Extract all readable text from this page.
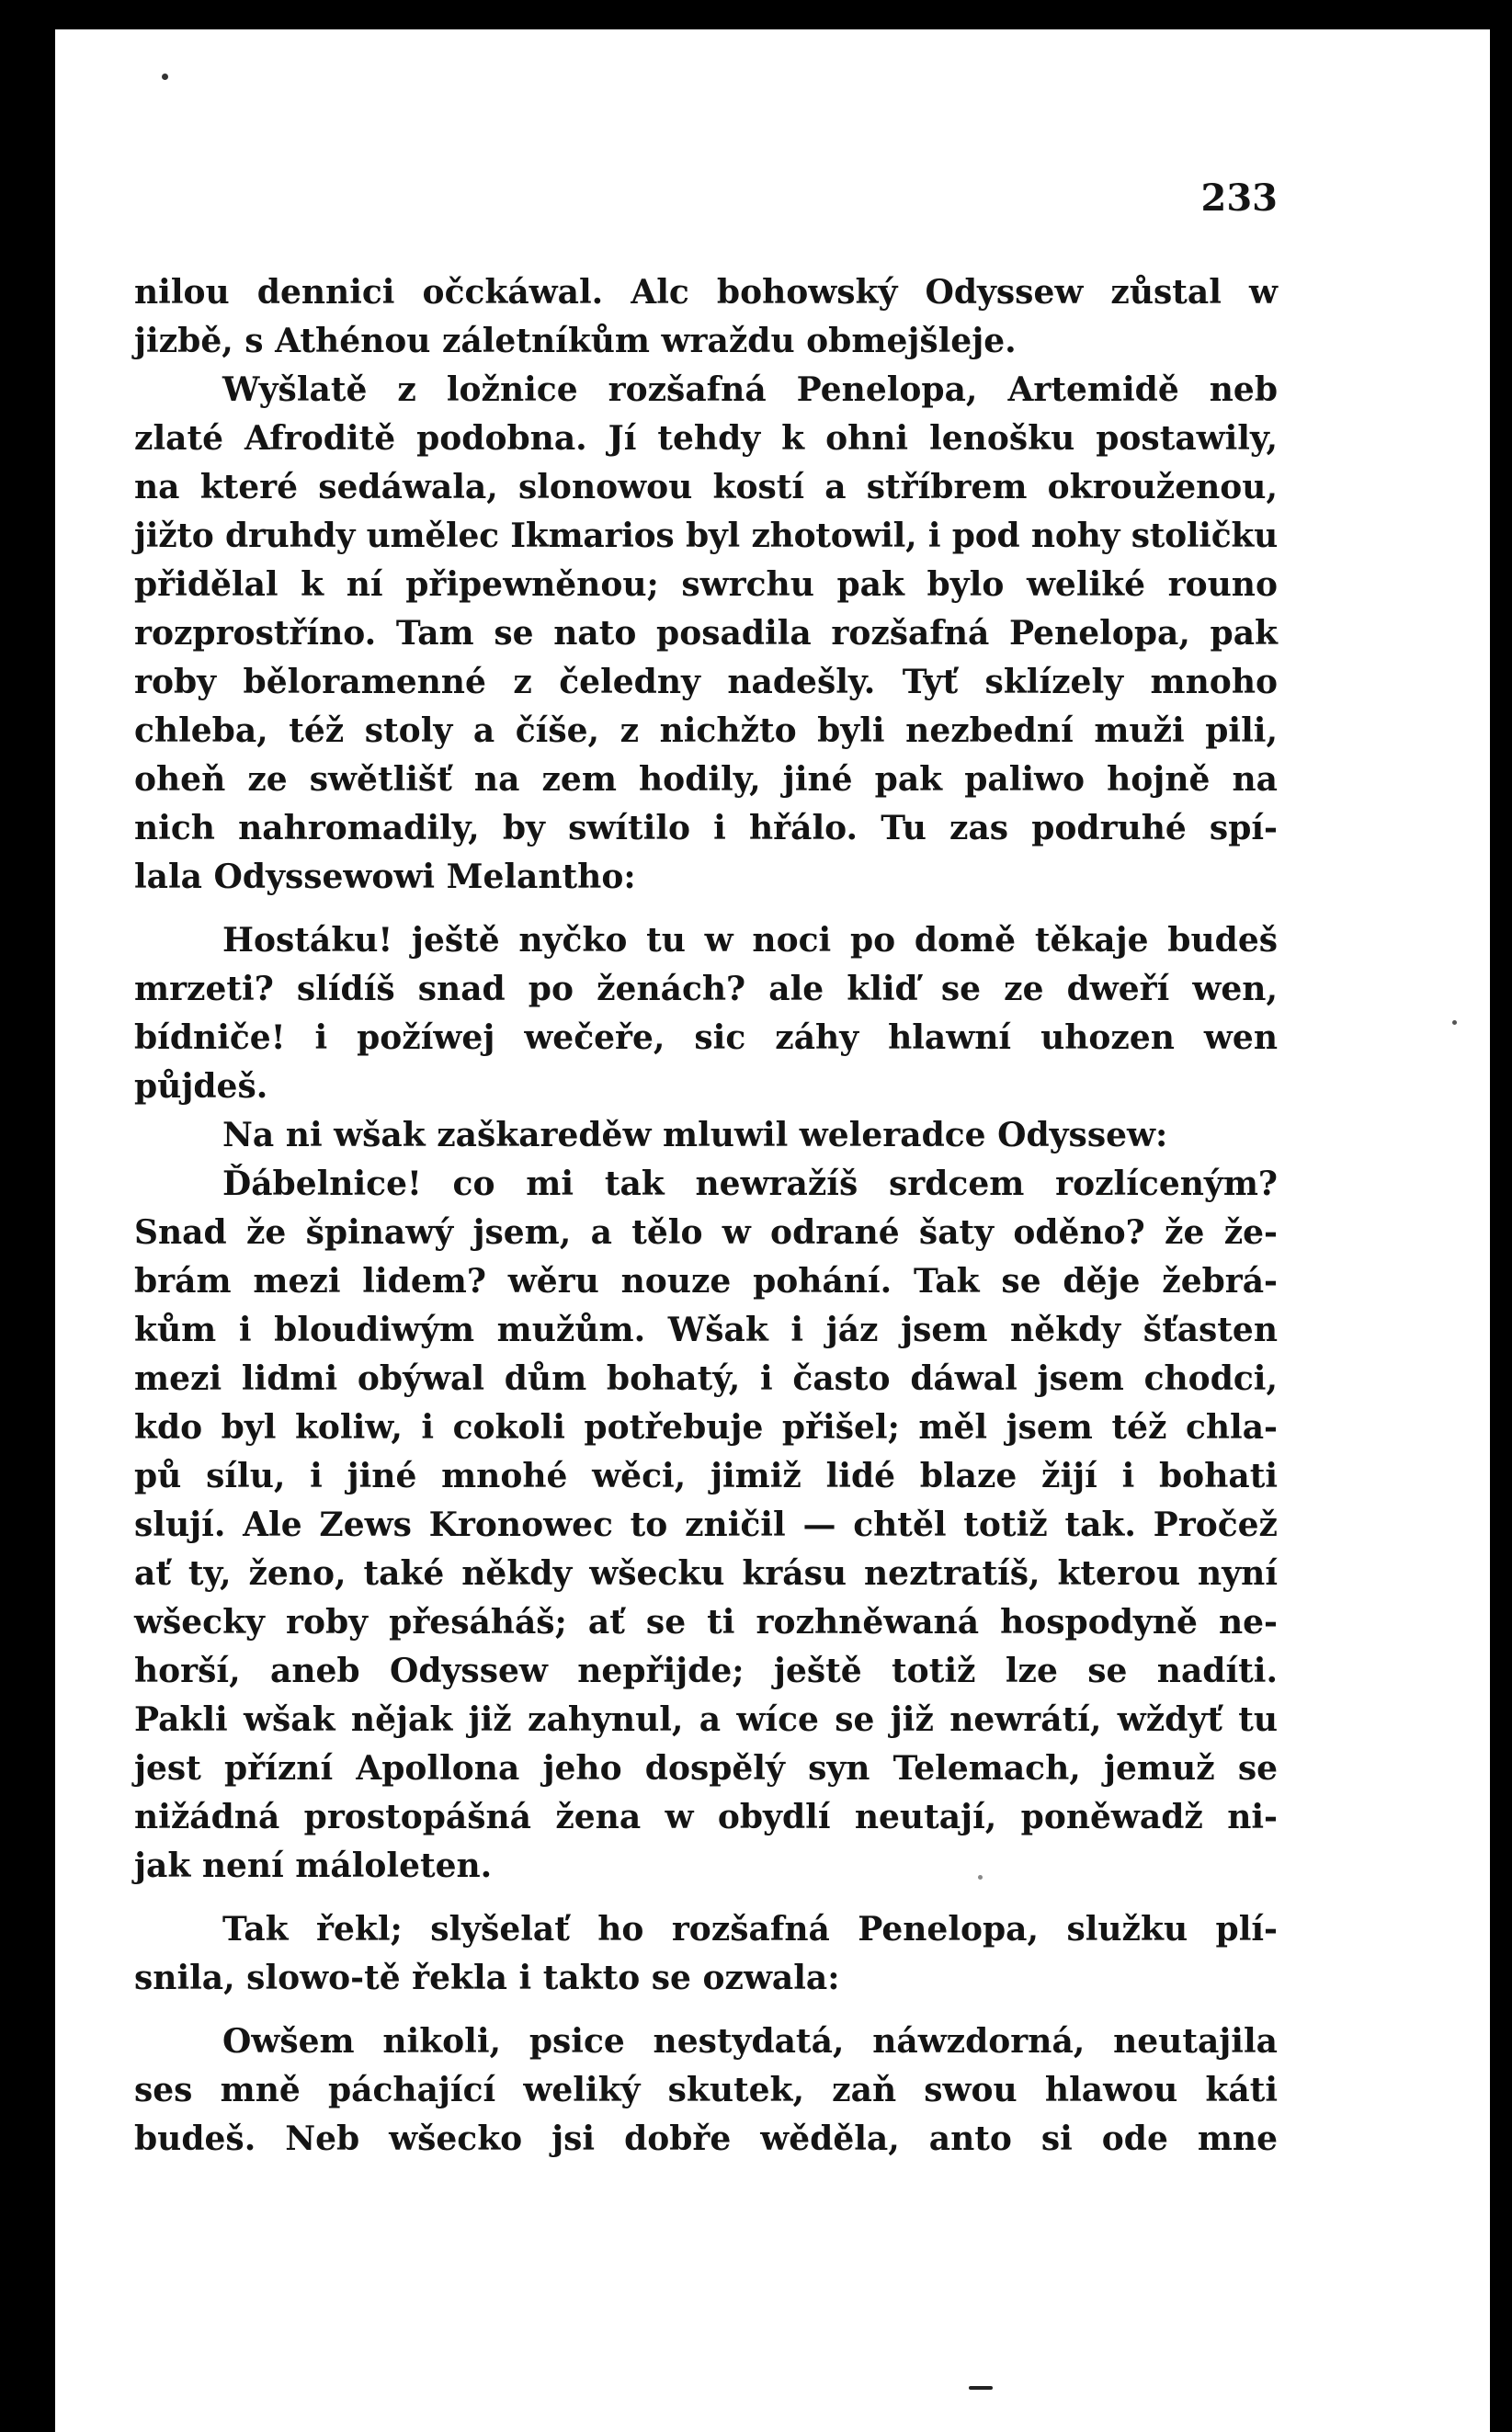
233
nilou dennici očckáwal. Alc bohowský Odyssew zůstal w
jizbě, s Athénou záletníkům wraždu obmejšleje.
Wyšlatě z ložnice rozšafná Penelopa, Artemidě neb
zlaté Afroditě podobna. Jí tehdy k ohni lenošku postawily,
na které sedáwala, slonowou kostí a stříbrem okrouženou,
jižto druhdy umělec Ikmarios byl zhotowil, i pod nohy stoličku
přidělal k ní připewněnou; swrchu pak bylo weliké rouno
rozprostříno. Tam se nato posadila rozšafná Penelopa, pak
roby běloramenné z čeledny nadešly. Tyť sklízely mnoho
chleba, též stoly a číše, z nichžto byli nezbední muži pili,
oheň ze swětlišť na zem hodily, jiné pak paliwo hojně na
nich nahromadily, by swítilo i hřálo. Tu zas podruhé spí-
lala Odyssewowi Melantho:
Hostáku! ještě nyčko tu w noci po domě těkaje budeš
mrzeti? slídíš snad po ženách? ale kliď se ze dweří wen,
bídniče! i požíwej wečeře, sic záhy hlawní uhozen wen
půjdeš.
Na ni wšak zaškareděw mluwil weleradce Odyssew:
Ďábelnice! co mi tak newražíš srdcem rozlíceným?
Snad že špinawý jsem, a tělo w odrané šaty oděno? že že-
brám mezi lidem? wěru nouze pohání. Tak se děje žebrá-
kům i bloudiwým mužům. Wšak i jáz jsem někdy šťasten
mezi lidmi obýwal dům bohatý, i často dáwal jsem chodci,
kdo byl koliw, i cokoli potřebuje přišel; měl jsem též chla-
pů sílu, i jiné mnohé wěci, jimiž lidé blaze žijí i bohati
slují. Ale Zews Kronowec to zničil — chtěl totiž tak. Pročež
ať ty, ženo, také někdy wšecku krásu neztratíš, kterou nyní
wšecky roby přesáháš; ať se ti rozhněwaná hospodyně ne-
horší, aneb Odyssew nepřijde; ještě totiž lze se nadíti.
Pakli wšak nějak již zahynul, a wíce se již newrátí, wždyť tu
jest přízní Apollona jeho dospělý syn Telemach, jemuž se
nižádná prostopášná žena w obydlí neutají, poněwadž ni-
jak není máloleten.
Tak řekl; slyšelať ho rozšafná Penelopa, služku plí-
snila, slowo-tě řekla i takto se ozwala:
Owšem nikoli, psice nestydatá, náwzdorná, neutajila
ses mně páchající weliký skutek, zaň swou hlawou káti
budeš. Neb wšecko jsi dobře wěděla, anto si ode mne
